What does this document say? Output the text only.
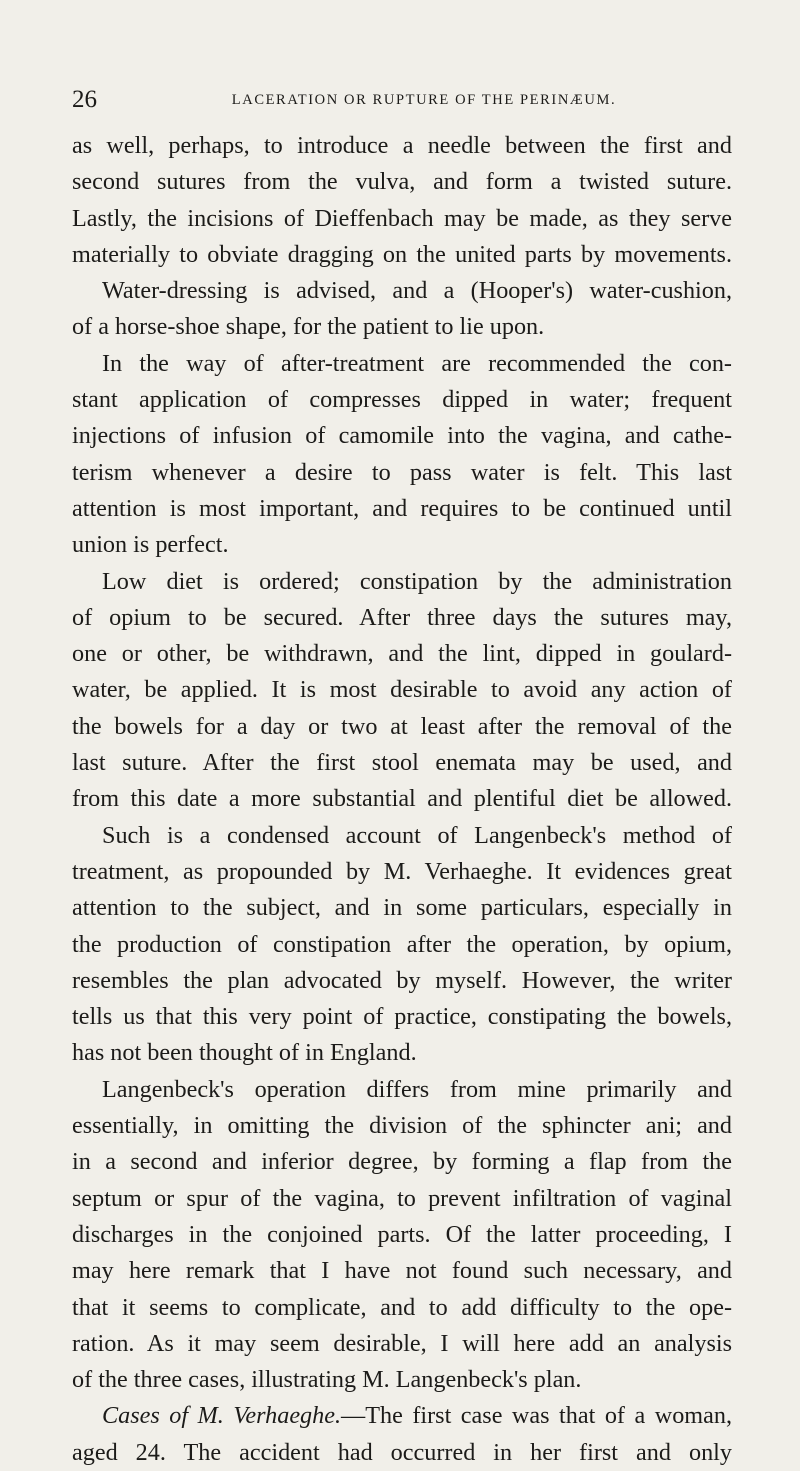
26	LACERATION OR RUPTURE OF THE PERINÆUM.
as well, perhaps, to introduce a needle between the first and
second sutures from the vulva, and form a twisted suture.
Lastly, the incisions of Dieffenbach may be made, as they serve
materially to obviate dragging on the united parts by movements.
Water-dressing is advised, and a (Hooper's) water-cushion,
of a horse-shoe shape, for the patient to lie upon.
In the way of after-treatment are recommended the con-
stant application of compresses dipped in water; frequent
injections of infusion of camomile into the vagina, and cathe-
terism whenever a desire to pass water is felt. This last
attention is most important, and requires to be continued until
union is perfect.
Low diet is ordered; constipation by the administration
of opium to be secured. After three days the sutures may,
one or other, be withdrawn, and the lint, dipped in goulard-
water, be applied. It is most desirable to avoid any action of
the bowels for a day or two at least after the removal of the
last suture. After the first stool enemata may be used, and
from this date a more substantial and plentiful diet be allowed.
Such is a condensed account of Langenbeck's method of
treatment, as propounded by M. Verhaeghe. It evidences great
attention to the subject, and in some particulars, especially in
the production of constipation after the operation, by opium,
resembles the plan advocated by myself. However, the writer
tells us that this very point of practice, constipating the bowels,
has not been thought of in England.
Langenbeck's operation differs from mine primarily and
essentially, in omitting the division of the sphincter ani; and
in a second and inferior degree, by forming a flap from the
septum or spur of the vagina, to prevent infiltration of vaginal
discharges in the conjoined parts. Of the latter proceeding, I
may here remark that I have not found such necessary, and
that it seems to complicate, and to add difficulty to the ope-
ration. As it may seem desirable, I will here add an analysis
of the three cases, illustrating M. Langenbeck's plan.
Cases of M. Verhaeghe.—The first case was that of a woman,
aged 24. The accident had occurred in her first and only
